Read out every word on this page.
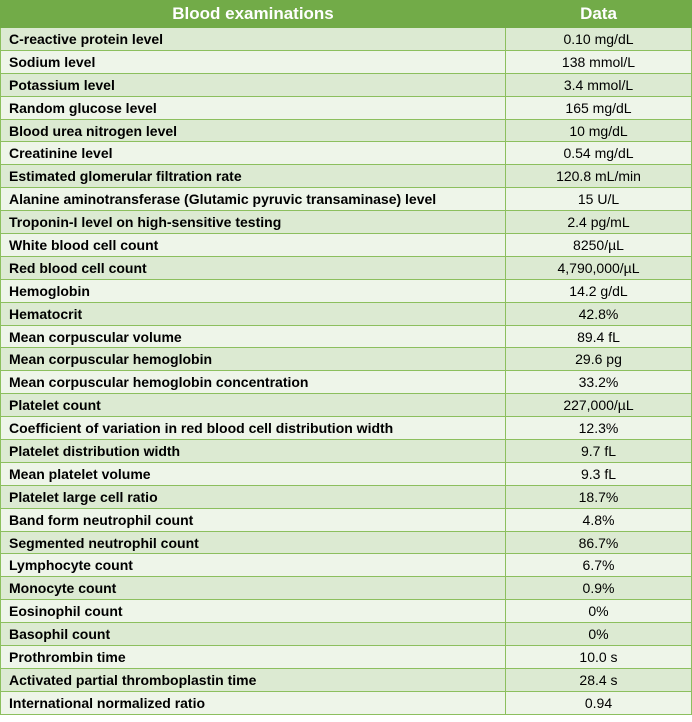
Blood examinations	Data
C-reactive protein level	0.10 mg/dL
Sodium level	138 mmol/L
Potassium level	3.4 mmol/L
Random glucose level	165 mg/dL
Blood urea nitrogen level	10 mg/dL
Creatinine level	0.54 mg/dL
Estimated glomerular filtration rate	120.8 mL/min
Alanine aminotransferase (Glutamic pyruvic transaminase) level	15 U/L
Troponin-I level on high-sensitive testing	2.4 pg/mL
White blood cell count	8250/µL
Red blood cell count	4,790,000/µL
Hemoglobin	14.2 g/dL
Hematocrit	42.8%
Mean corpuscular volume	89.4 fL
Mean corpuscular hemoglobin	29.6 pg
Mean corpuscular hemoglobin concentration	33.2%
Platelet count	227,000/µL
Coefficient of variation in red blood cell distribution width	12.3%
Platelet distribution width	9.7 fL
Mean platelet volume	9.3 fL
Platelet large cell ratio	18.7%
Band form neutrophil count	4.8%
Segmented neutrophil count	86.7%
Lymphocyte count	6.7%
Monocyte count	0.9%
Eosinophil count	0%
Basophil count	0%
Prothrombin time	10.0 s
Activated partial thromboplastin time	28.4 s
International normalized ratio	0.94
